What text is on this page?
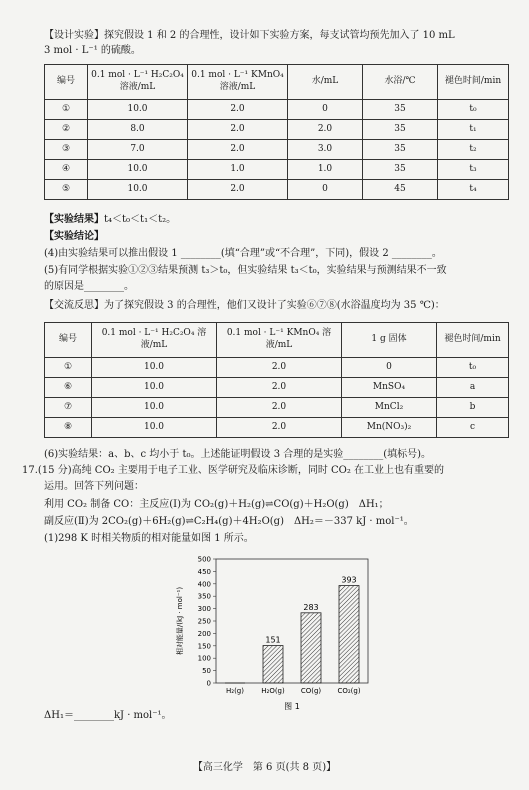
【设计实验】探究假设 1 和 2 的合理性，设计如下实验方案，每支试管均预先加入了 10 mL

3 mol · L⁻¹ 的硫酸。

编号	0.1 mol · L⁻¹ H₂C₂O₄ 溶液/mL	0.1 mol · L⁻¹ KMnO₄ 溶液/mL	水/mL	水浴/℃	褪色时间/min
①	10.0	2.0	0	35	t₀
②	8.0	2.0	2.0	35	t₁
③	7.0	2.0	3.0	35	t₂
④	10.0	1.0	1.0	35	t₃
⑤	10.0	2.0	0	45	t₄

【实验结果】t₄＜t₀＜t₁＜t₂。

【实验结论】

(4)由实验结果可以推出假设 1 ________(填“合理”或“不合理”，下同)，假设 2 ________。

(5)有同学根据实验①②③结果预测 t₃＞t₀，但实验结果 t₃＜t₀，实验结果与预测结果不一致

的原因是________。

【交流反思】为了探究假设 3 的合理性，他们又设计了实验⑥⑦⑧(水浴温度均为 35 ℃)：

编号	0.1 mol · L⁻¹ H₂C₂O₄ 溶液/mL	0.1 mol · L⁻¹ KMnO₄ 溶液/mL	1 g 固体	褪色时间/min
①	10.0	2.0	0	t₀
⑥	10.0	2.0	MnSO₄	a
⑦	10.0	2.0	MnCl₂	b
⑧	10.0	2.0	Mn(NO₃)₂	c

(6)实验结果：a、b、c 均小于 t₀。上述能证明假设 3 合理的是实验________(填标号)。

17.(15 分)高纯 CO₂ 主要用于电子工业、医学研究及临床诊断，同时 CO₂ 在工业上也有重要的

运用。回答下列问题：

利用 CO₂ 制备 CO：主反应(Ⅰ)为 CO₂(g)＋H₂(g)⇌CO(g)＋H₂O(g)　ΔH₁；

副反应(Ⅱ)为 2CO₂(g)＋6H₂(g)⇌C₂H₄(g)＋4H₂O(g)　ΔH₂＝－337 kJ · mol⁻¹。

(1)298 K 时相关物质的相对能量如图 1 所示。

0
50
100
150
200
250
300
350
400
450
500
H₂(g)
151
H₂O(g)
283
CO(g)
393
CO₂(g)
相对能量/(kJ · mol⁻¹)
图 1

ΔH₁＝________kJ · mol⁻¹。

【高三化学　第 6 页(共 8 页)】
